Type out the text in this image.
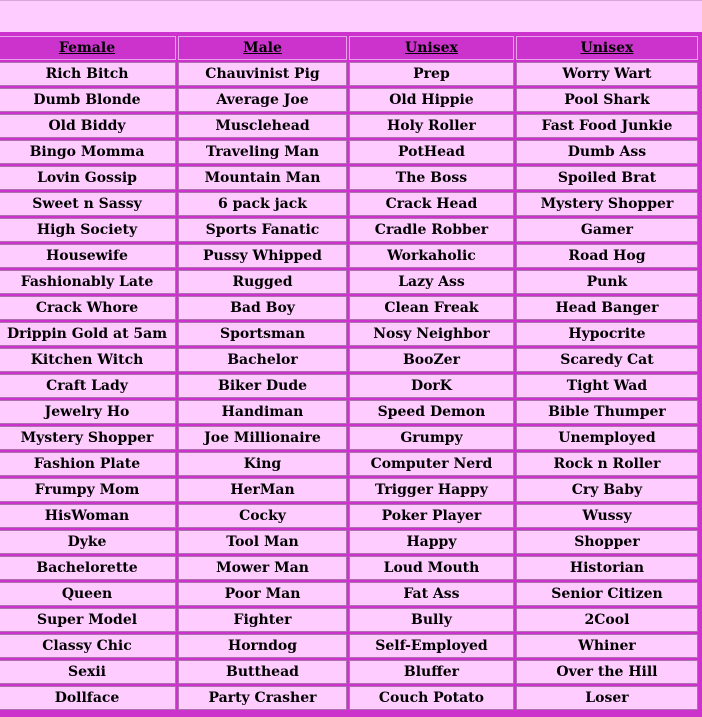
Female	Male	Unisex	Unisex
Rich Bitch	Chauvinist Pig	Prep	Worry Wart
Dumb Blonde	Average Joe	Old Hippie	Pool Shark
Old Biddy	Musclehead	Holy Roller	Fast Food Junkie
Bingo Momma	Traveling Man	PotHead	Dumb Ass
Lovin Gossip	Mountain Man	The Boss	Spoiled Brat
Sweet n Sassy	6 pack jack	Crack Head	Mystery Shopper
High Society	Sports Fanatic	Cradle Robber	Gamer
Housewife	Pussy Whipped	Workaholic	Road Hog
Fashionably Late	Rugged	Lazy Ass	Punk
Crack Whore	Bad Boy	Clean Freak	Head Banger
Drippin Gold at 5am	Sportsman	Nosy Neighbor	Hypocrite
Kitchen Witch	Bachelor	BooZer	Scaredy Cat
Craft Lady	Biker Dude	DorK	Tight Wad
Jewelry Ho	Handiman	Speed Demon	Bible Thumper
Mystery Shopper	Joe Millionaire	Grumpy	Unemployed
Fashion Plate	King	Computer Nerd	Rock n Roller
Frumpy Mom	HerMan	Trigger Happy	Cry Baby
HisWoman	Cocky	Poker Player	Wussy
Dyke	Tool Man	Happy	Shopper
Bachelorette	Mower Man	Loud Mouth	Historian
Queen	Poor Man	Fat Ass	Senior Citizen
Super Model	Fighter	Bully	2Cool
Classy Chic	Horndog	Self-Employed	Whiner
Sexii	Butthead	Bluffer	Over the Hill
Dollface	Party Crasher	Couch Potato	Loser
